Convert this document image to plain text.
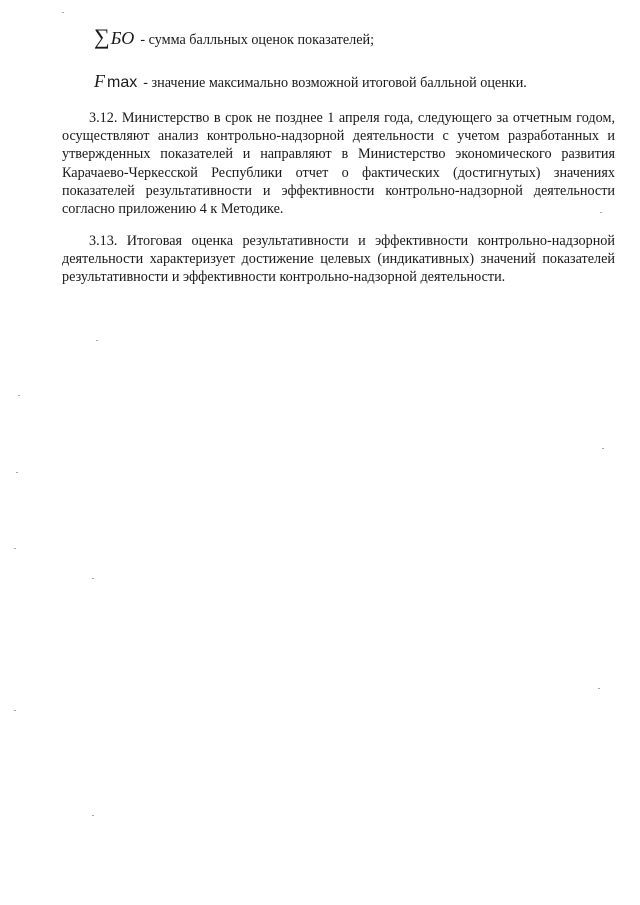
∑БО - сумма балльных оценок показателей;
F max - значение максимально возможной итоговой балльной оценки.

3.12. Министерство в срок не позднее 1 апреля года, следующего за отчетным годом, осуществляют анализ контрольно-надзорной деятельности с учетом разработанных и утвержденных показателей и направляют в Министерство экономического развития Карачаево-Черкесской Республики отчет о фактических (достигнутых) значениях показателей результативности и эффективности контрольно-надзорной деятельности согласно приложению 4 к Методике.

3.13. Итоговая оценка результативности и эффективности контрольно-надзорной деятельности характеризует достижение целевых (индикативных) значений показателей результативности и эффективности контрольно-надзорной деятельности.
